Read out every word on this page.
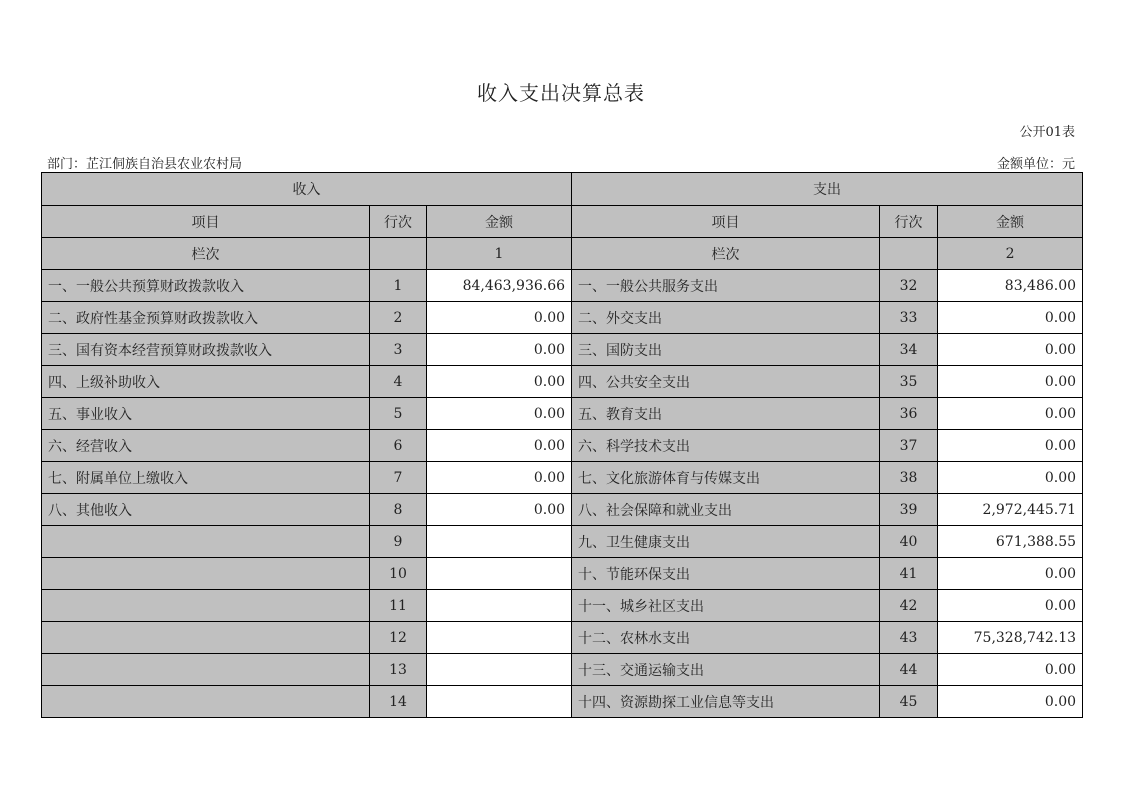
收入支出决算总表
公开01表
部门：芷江侗族自治县农业农村局	金额单位：元
收入			支出		
项目	行次	金额	项目	行次	金额
栏次		1	栏次		2
一、一般公共预算财政拨款收入	1	84,463,936.66	一、一般公共服务支出	32	83,486.00
二、政府性基金预算财政拨款收入	2	0.00	二、外交支出	33	0.00
三、国有资本经营预算财政拨款收入	3	0.00	三、国防支出	34	0.00
四、上级补助收入	4	0.00	四、公共安全支出	35	0.00
五、事业收入	5	0.00	五、教育支出	36	0.00
六、经营收入	6	0.00	六、科学技术支出	37	0.00
七、附属单位上缴收入	7	0.00	七、文化旅游体育与传媒支出	38	0.00
八、其他收入	8	0.00	八、社会保障和就业支出	39	2,972,445.71
	9		九、卫生健康支出	40	671,388.55
	10		十、节能环保支出	41	0.00
	11		十一、城乡社区支出	42	0.00
	12		十二、农林水支出	43	75,328,742.13
	13		十三、交通运输支出	44	0.00
	14		十四、资源勘探工业信息等支出	45	0.00
